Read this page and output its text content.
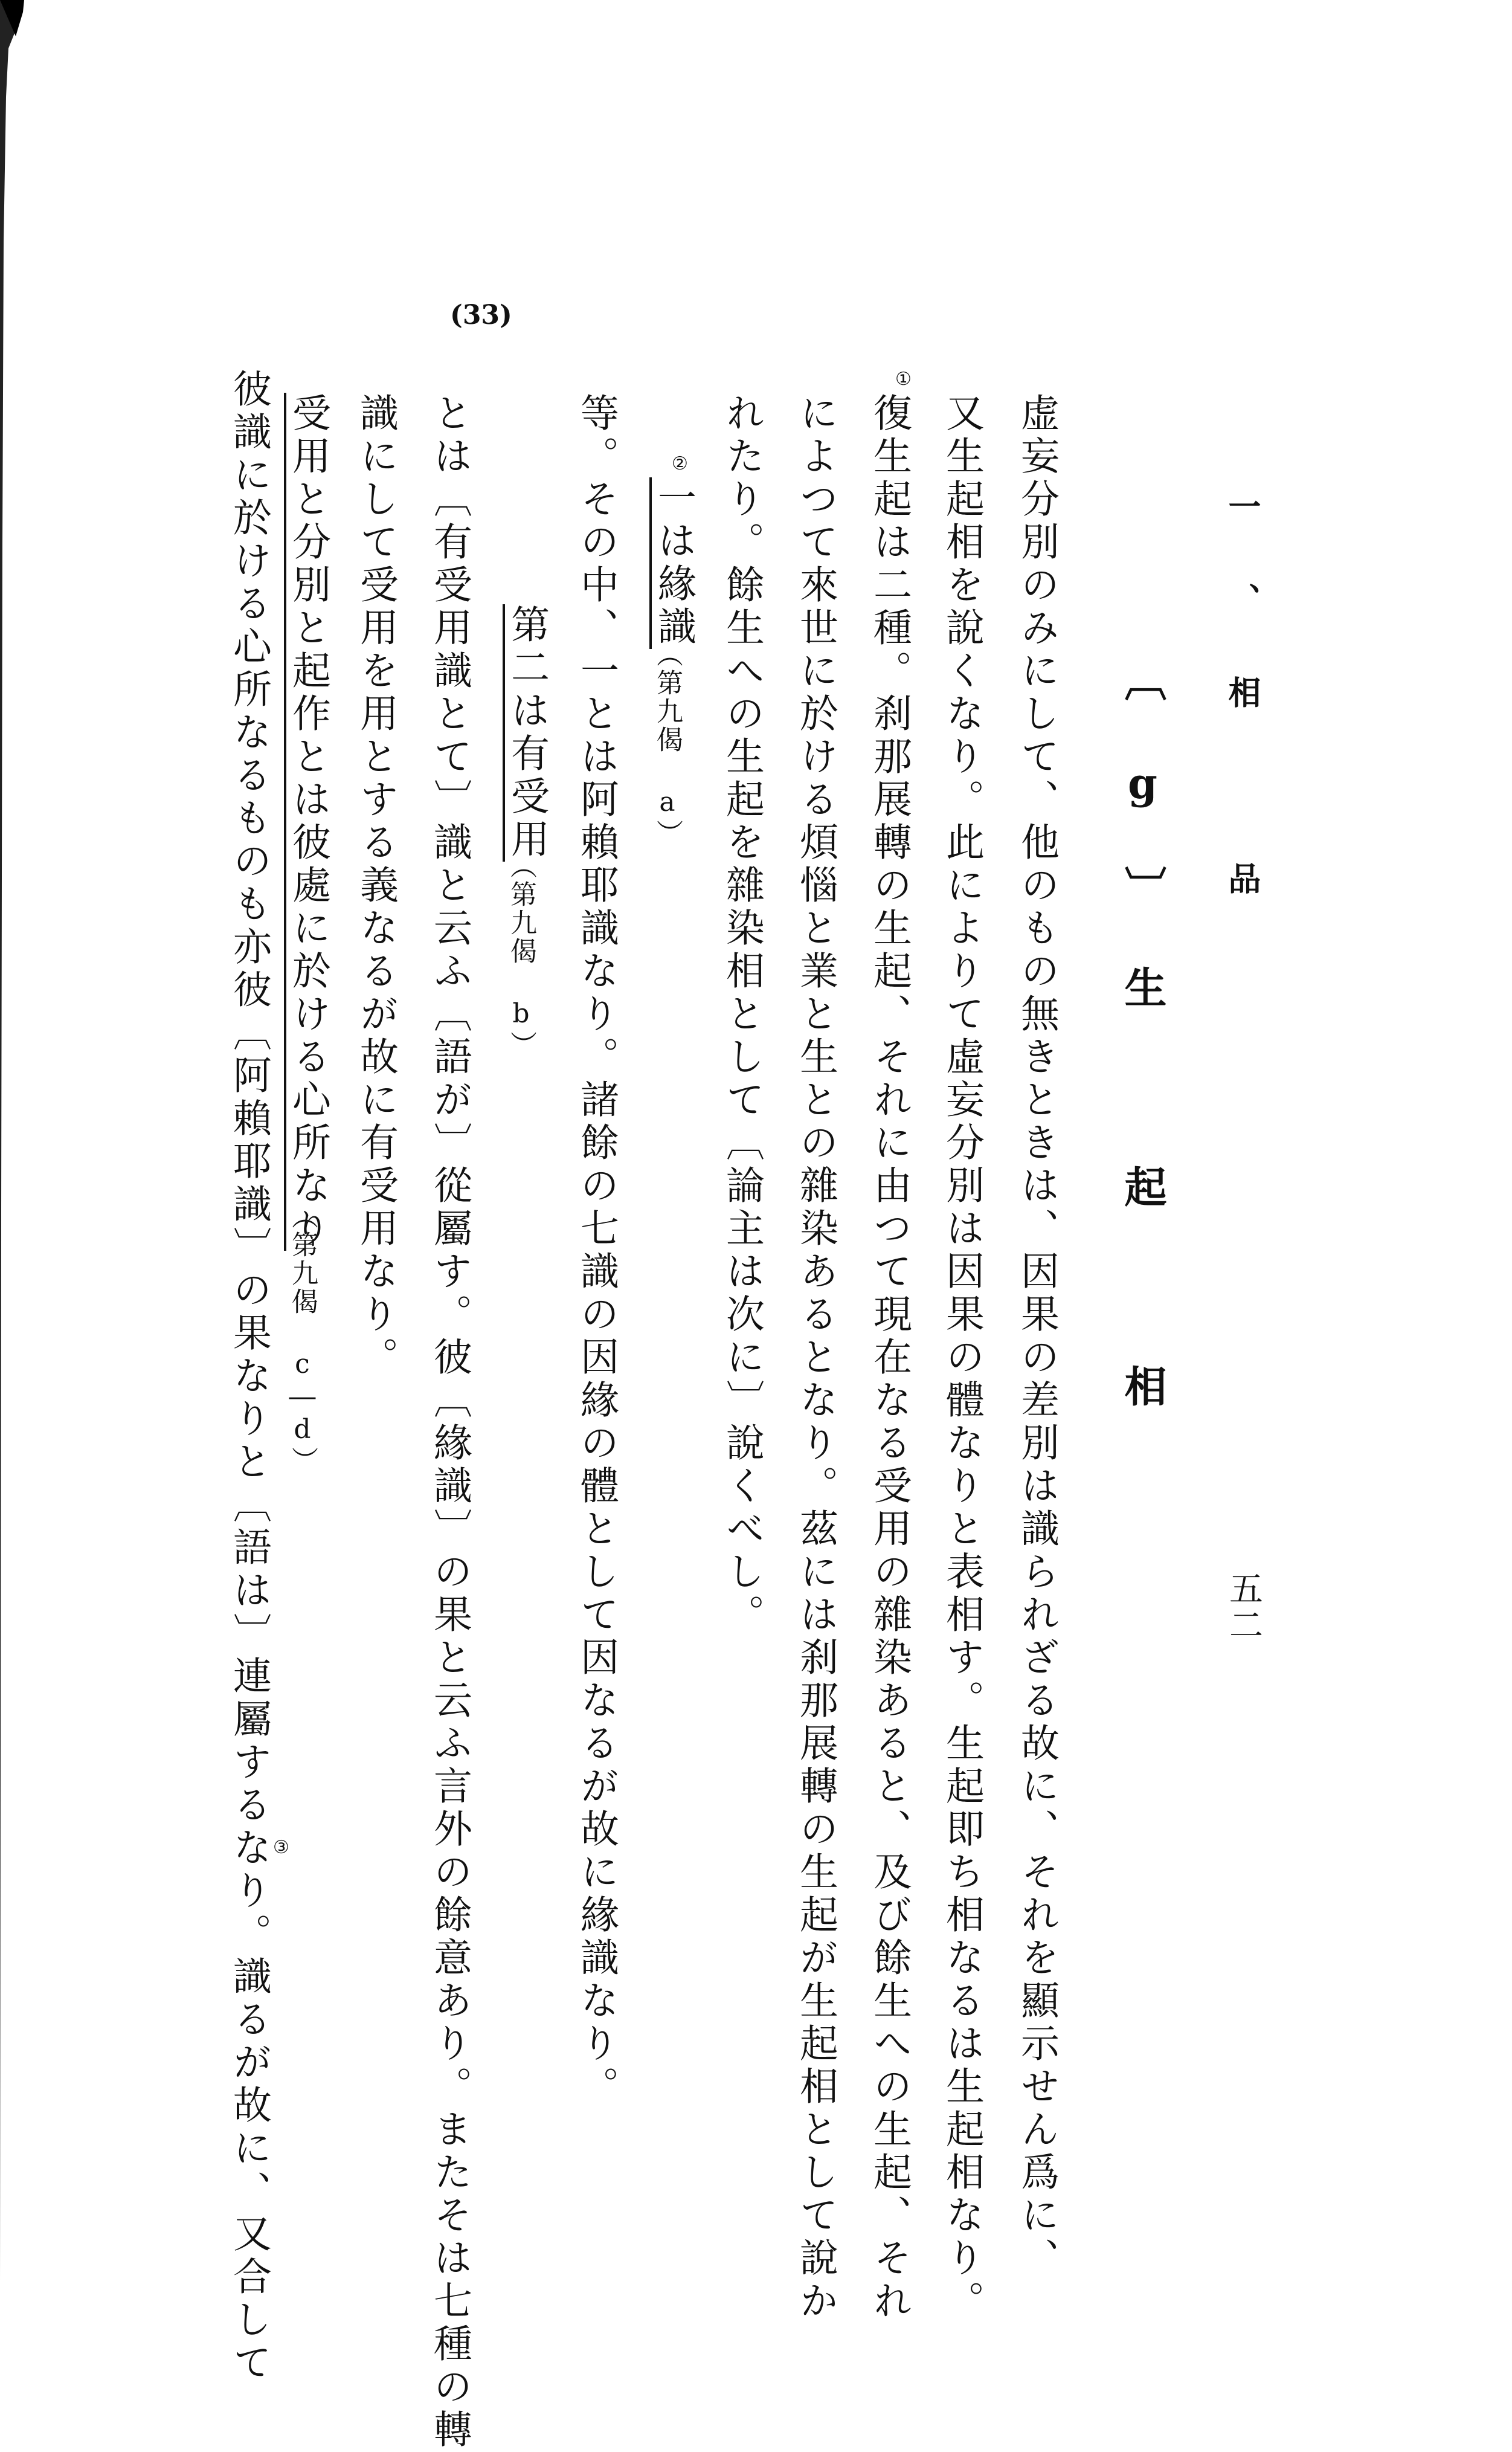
一、相　品
五二
〔g〕生　起　相
虚妄分別のみにして、他のもの無きときは、因果の差別は識られざる故に、それを顯示せん爲に、
又生起相を說くなり。此によりて虛妄分別は因果の體なりと表相す。生起即ち相なるは生起相なり。
復生起は二種。刹那展轉の生起、それに由つて現在なる受用の雜染あると、及び餘生への生起、それ
によつて來世に於ける煩惱と業と生との雜染あるとなり。茲には刹那展轉の生起が生起相として說か
れたり。餘生への生起を雜染相として〔論主は次に〕說くべし。
一は緣識
（第九偈 a）
等。その中、一とは阿賴耶識なり。諸餘の七識の因緣の體として因なるが故に緣識なり。
第二は有受用
（第九偈 b）
とは〔有受用識とて〕識と云ふ〔語が〕從屬す。彼〔緣識〕の果と云ふ言外の餘意あり。またそは七種の轉
識にして受用を用とする義なるが故に有受用なり。
受用と分別と起作とは彼處に於ける心所なり
（第九偈 c―d）
彼識に於ける心所なるものも亦彼〔阿賴耶識〕の果なりと〔語は〕連屬するなり。識るが故に、又合して
(33)
①
②
③
